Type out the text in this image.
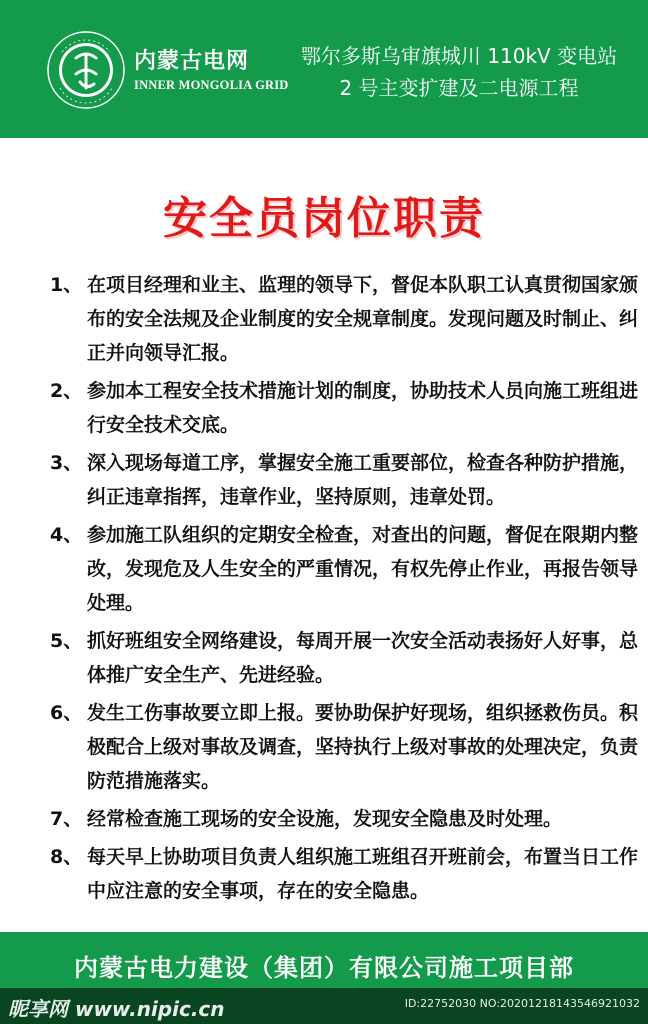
内蒙古电网
INNER MONGOLIA GRID
鄂尔多斯乌审旗城川 110kV 变电站
2 号主变扩建及二电源工程
安全员岗位职责
1、 在项目经理和业主、监理的领导下，督促本队职工认真贯彻国家颁布的安全法规及企业制度的安全规章制度。发现问题及时制止、纠正并向领导汇报。
2、 参加本工程安全技术措施计划的制度，协助技术人员向施工班组进行安全技术交底。
3、 深入现场每道工序，掌握安全施工重要部位，检查各种防护措施，纠正违章指挥，违章作业，坚持原则，违章处罚。
4、 参加施工队组织的定期安全检查，对查出的问题，督促在限期内整改，发现危及人生安全的严重情况，有权先停止作业，再报告领导处理。
5、 抓好班组安全网络建设，每周开展一次安全活动表扬好人好事，总体推广安全生产、先进经验。
6、 发生工伤事故要立即上报。要协助保护好现场，组织拯救伤员。积极配合上级对事故及调查，坚持执行上级对事故的处理决定，负责防范措施落实。
7、 经常检查施工现场的安全设施，发现安全隐患及时处理。
8、 每天早上协助项目负责人组织施工班组召开班前会，布置当日工作中应注意的安全事项，存在的安全隐患。
内蒙古电力建设（集团）有限公司施工项目部
昵享网 www.nipic.cn	ID:22752030 NO:20201218143546921032
